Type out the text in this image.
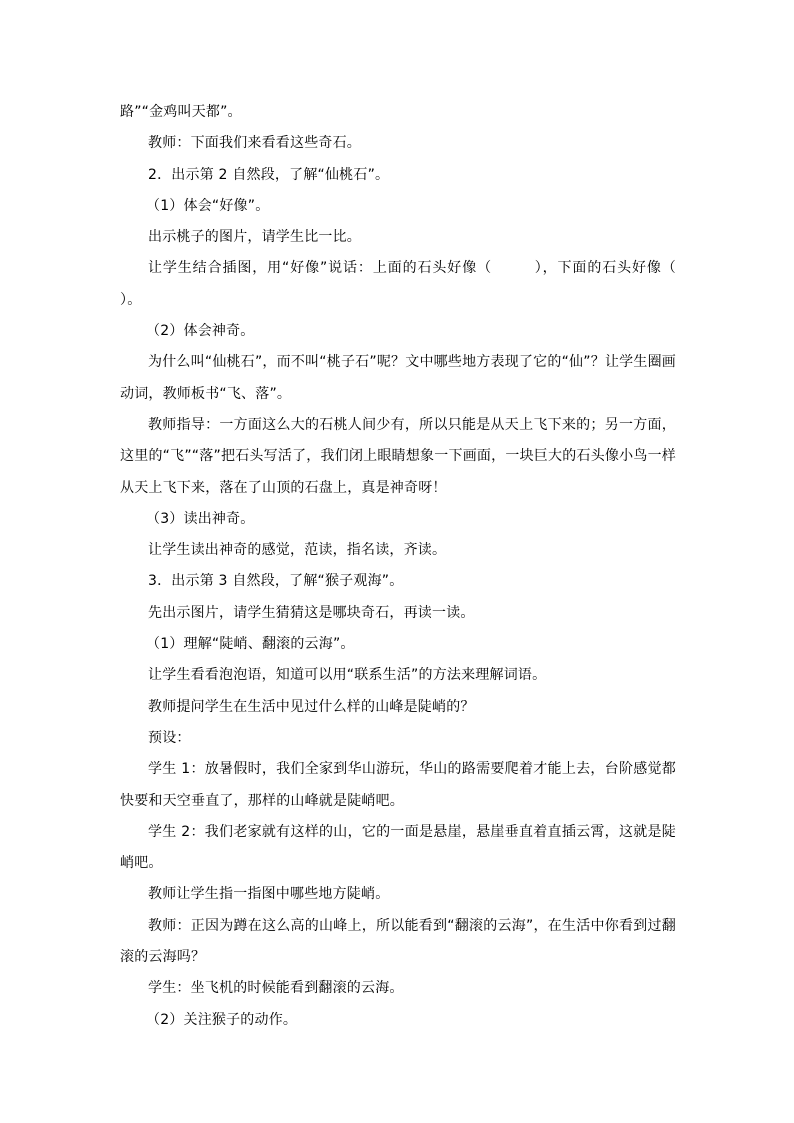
路”“金鸡叫天都”。

教师：下面我们来看看这些奇石。

2．出示第 2 自然段，了解“仙桃石”。

（1）体会“好像”。

出示桃子的图片，请学生比一比。

让学生结合插图，用“好像”说话：上面的石头好像（        ），下面的石头好像（        ）。

（2）体会神奇。

为什么叫“仙桃石”，而不叫“桃子石”呢？文中哪些地方表现了它的“仙”？让学生圈画动词，教师板书“飞、落”。

教师指导：一方面这么大的石桃人间少有，所以只能是从天上飞下来的；另一方面，这里的“飞”“落”把石头写活了，我们闭上眼睛想象一下画面，一块巨大的石头像小鸟一样从天上飞下来，落在了山顶的石盘上，真是神奇呀！

（3）读出神奇。

让学生读出神奇的感觉，范读，指名读，齐读。

3．出示第 3 自然段，了解“猴子观海”。

先出示图片，请学生猜猜这是哪块奇石，再读一读。

（1）理解“陡峭、翻滚的云海”。

让学生看看泡泡语，知道可以用“联系生活”的方法来理解词语。

教师提问学生在生活中见过什么样的山峰是陡峭的？

预设：

学生 1：放暑假时，我们全家到华山游玩，华山的路需要爬着才能上去，台阶感觉都快要和天空垂直了，那样的山峰就是陡峭吧。

学生 2：我们老家就有这样的山，它的一面是悬崖，悬崖垂直着直插云霄，这就是陡峭吧。

教师让学生指一指图中哪些地方陡峭。

教师：正因为蹲在这么高的山峰上，所以能看到“翻滚的云海”，在生活中你看到过翻滚的云海吗？

学生：坐飞机的时候能看到翻滚的云海。

（2）关注猴子的动作。
